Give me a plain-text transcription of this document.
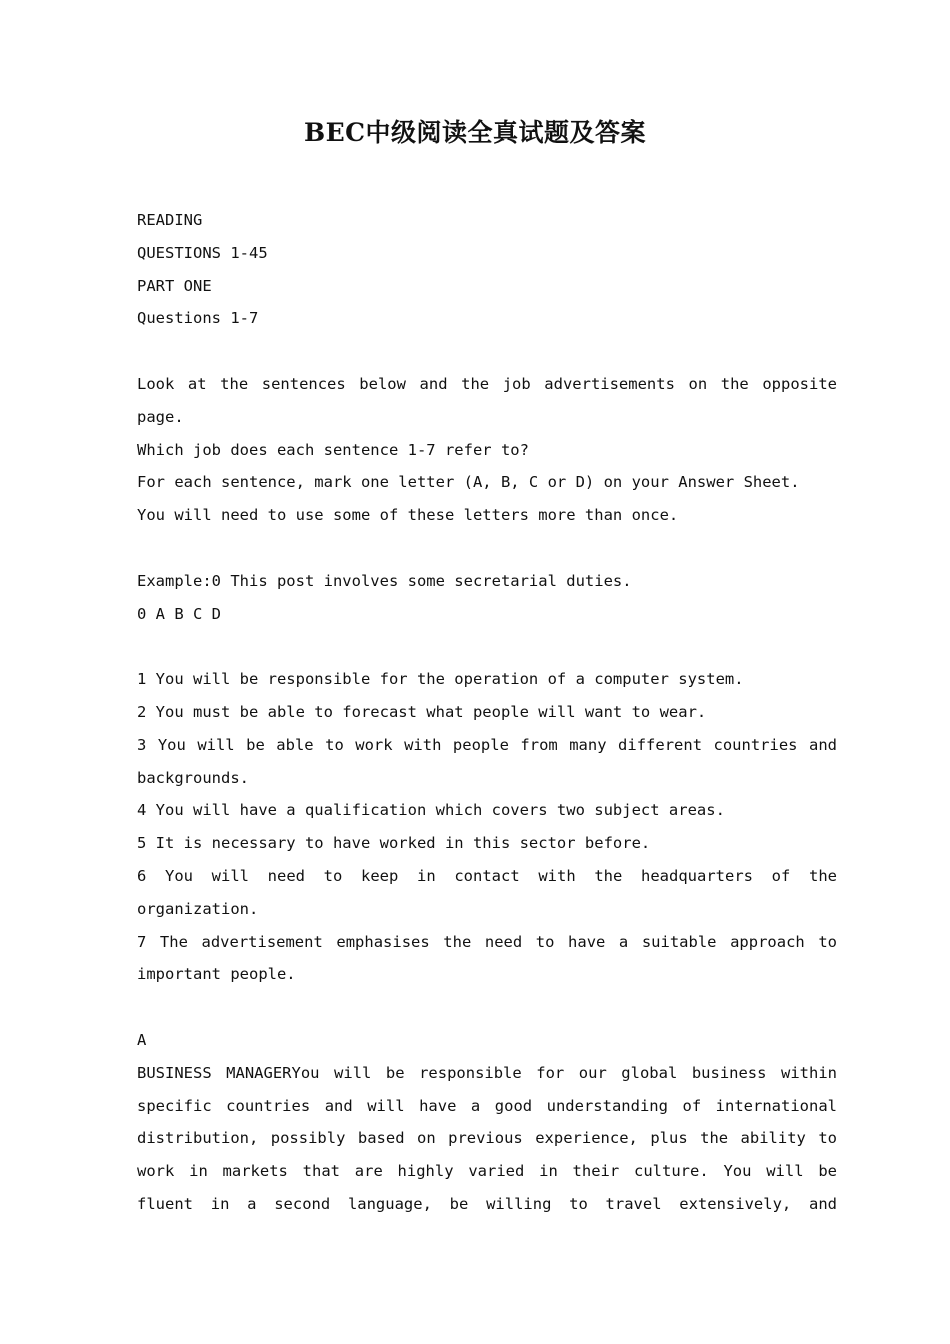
BEC中级阅读全真试题及答案
READING
QUESTIONS 1-45
PART ONE
Questions 1-7
Look at the sentences below and the job advertisements on the opposite
page.
Which job does each sentence 1-7 refer to?
For each sentence, mark one letter (A, B, C or D) on your Answer Sheet.
You will need to use some of these letters more than once.
Example:0 This post involves some secretarial duties.
0 A B C D
1 You will be responsible for the operation of a computer system.
2 You must be able to forecast what people will want to wear.
3 You will be able to work with people from many different countries and
backgrounds.
4 You will have a qualification which covers two subject areas.
5 It is necessary to have worked in this sector before.
6 You will need to keep in contact with the headquarters of the
organization.
7 The advertisement emphasises the need to have a suitable approach to
important people.
A
BUSINESS MANAGERYou will be responsible for our global business within
specific countries and will have a good understanding of international
distribution, possibly based on previous experience, plus the ability to
work in markets that are highly varied in their culture. You will be
fluent in a second language, be willing to travel extensively, and
